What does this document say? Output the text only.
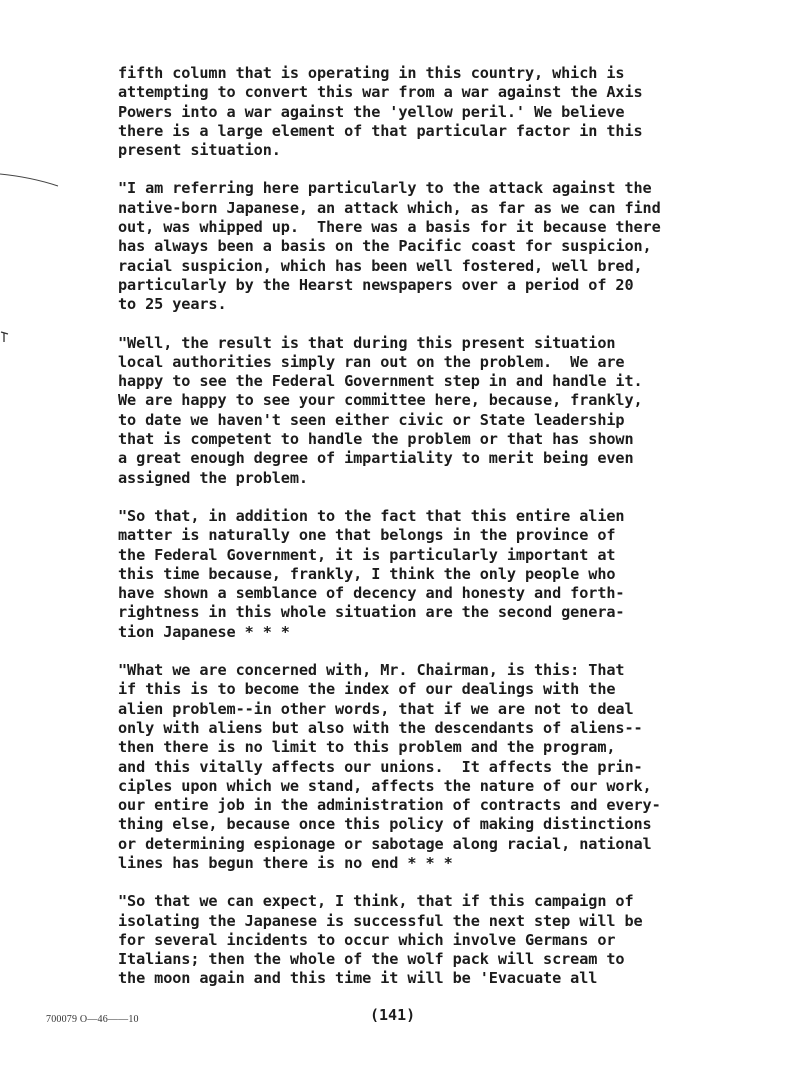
fifth column that is operating in this country, which is
attempting to convert this war from a war against the Axis
Powers into a war against the 'yellow peril.' We believe
there is a large element of that particular factor in this
present situation.

"I am referring here particularly to the attack against the
native-born Japanese, an attack which, as far as we can find
out, was whipped up.  There was a basis for it because there
has always been a basis on the Pacific coast for suspicion,
racial suspicion, which has been well fostered, well bred,
particularly by the Hearst newspapers over a period of 20
to 25 years.

"Well, the result is that during this present situation
local authorities simply ran out on the problem.  We are
happy to see the Federal Government step in and handle it.
We are happy to see your committee here, because, frankly,
to date we haven't seen either civic or State leadership
that is competent to handle the problem or that has shown
a great enough degree of impartiality to merit being even
assigned the problem.

"So that, in addition to the fact that this entire alien
matter is naturally one that belongs in the province of
the Federal Government, it is particularly important at
this time because, frankly, I think the only people who
have shown a semblance of decency and honesty and forth-
rightness in this whole situation are the second genera-
tion Japanese * * *

"What we are concerned with, Mr. Chairman, is this: That
if this is to become the index of our dealings with the
alien problem--in other words, that if we are not to deal
only with aliens but also with the descendants of aliens--
then there is no limit to this problem and the program,
and this vitally affects our unions.  It affects the prin-
ciples upon which we stand, affects the nature of our work,
our entire job in the administration of contracts and every-
thing else, because once this policy of making distinctions
or determining espionage or sabotage along racial, national
lines has begun there is no end * * *

"So that we can expect, I think, that if this campaign of
isolating the Japanese is successful the next step will be
for several incidents to occur which involve Germans or
Italians; then the whole of the wolf pack will scream to
the moon again and this time it will be 'Evacuate all

700079 O—46——10	(141)
